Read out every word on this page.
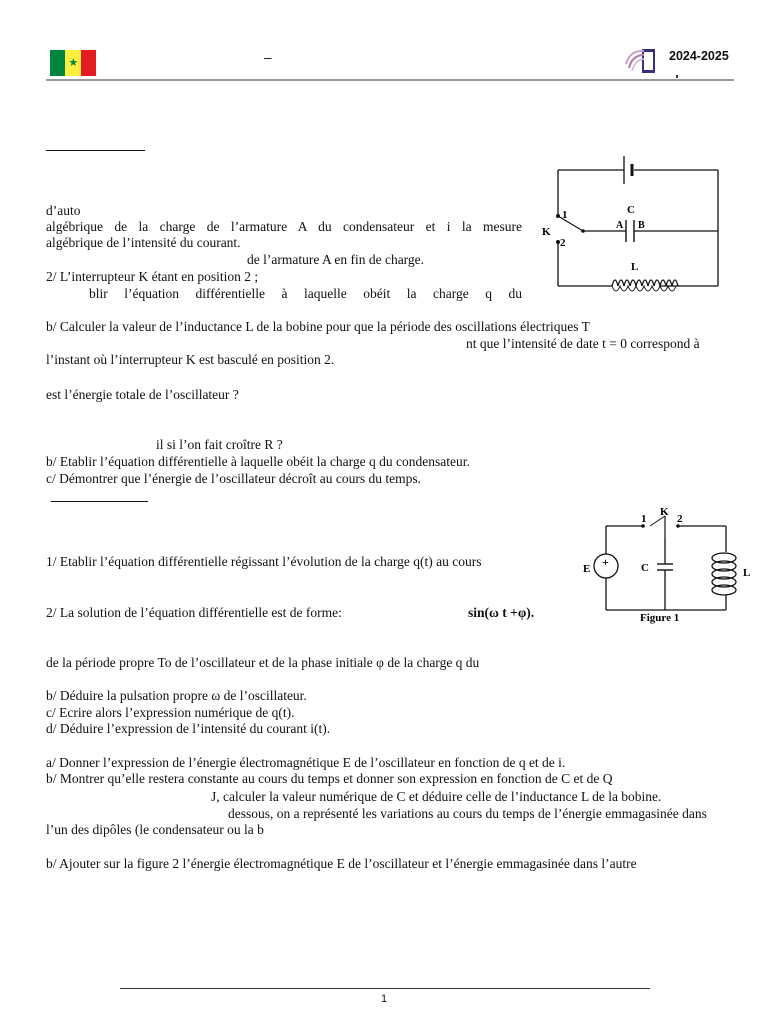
★	–	2024-2025
d’auto
algébrique de la charge de l’armature A du condensateur et i la mesure
algébrique de l’intensité du courant.
de l’armature A en fin de charge.
2/ L’interrupteur K étant en position 2 ;
blir l’équation différentielle à laquelle obéit la charge q du
b/ Calculer la valeur de l’inductance L de la bobine pour que la période des oscillations électriques T
nt que l’intensité de date t = 0 correspond à
l’instant où l’interrupteur K est basculé en position 2.
est l’énergie totale de l’oscillateur ?
il si l’on fait croître R ?
b/ Etablir l’équation différentielle à laquelle obéit la charge q du condensateur.
c/ Démontrer que l’énergie de l’oscillateur décroît au cours du temps.
1
K
2
C
A B
L
1/ Etablir l’équation différentielle régissant l’évolution de la charge q(t) au cours
2/ La solution de l’équation différentielle est de forme:	sin(ω t +φ).
de la période propre To de l’oscillateur et de la phase initiale φ de la charge q du
b/ Déduire la pulsation propre ω de l’oscillateur.
c/ Ecrire alors l’expression numérique de q(t).
d/ Déduire l’expression de l’intensité du courant i(t).
a/ Donner l’expression de l’énergie électromagnétique E de l’oscillateur en fonction de q et de i.
b/ Montrer qu’elle restera constante au cours du temps et donner son expression en fonction de C et de Q
J, calculer la valeur numérique de C et déduire celle de l’inductance L de la bobine.
dessous, on a représenté les variations au cours du temps de l’énergie emmagasinée dans
l’un des dipôles (le condensateur ou la b
b/ Ajouter sur la figure 2 l’énergie électromagnétique E de l’oscillateur et l’énergie emmagasinée dans l’autre
K
1	2
E +	C	L
Figure 1
1
